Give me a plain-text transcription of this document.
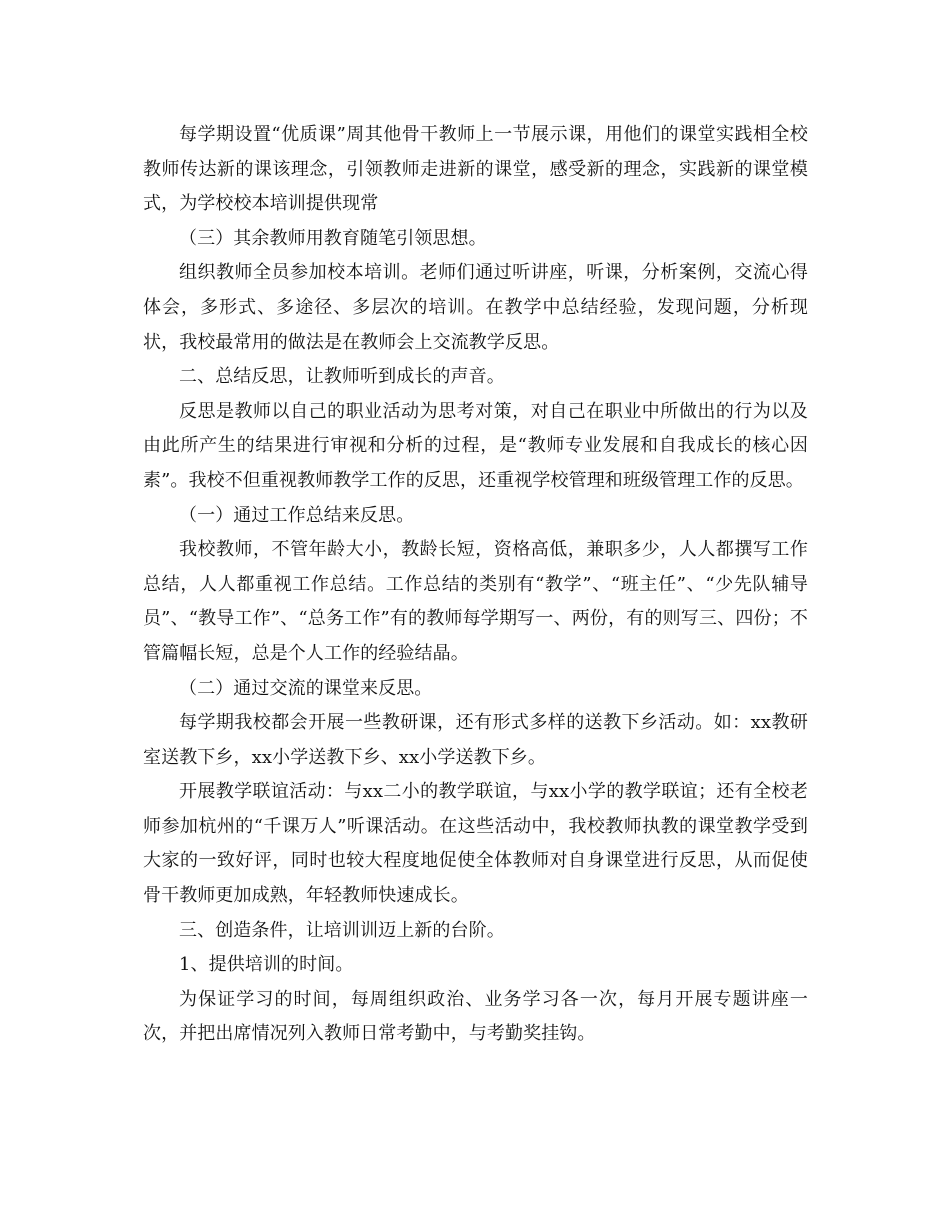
每学期设置“优质课”周其他骨干教师上一节展示课，用他们的课堂实践相全校教师传达新的课该理念，引领教师走进新的课堂，感受新的理念，实践新的课堂模式，为学校校本培训提供现常

（三）其余教师用教育随笔引领思想。

组织教师全员参加校本培训。老师们通过听讲座，听课，分析案例，交流心得体会，多形式、多途径、多层次的培训。在教学中总结经验，发现问题，分析现状，我校最常用的做法是在教师会上交流教学反思。

二、总结反思，让教师听到成长的声音。

反思是教师以自己的职业活动为思考对策，对自己在职业中所做出的行为以及由此所产生的结果进行审视和分析的过程，是“教师专业发展和自我成长的核心因素”。我校不但重视教师教学工作的反思，还重视学校管理和班级管理工作的反思。

（一）通过工作总结来反思。

我校教师，不管年龄大小，教龄长短，资格高低，兼职多少，人人都撰写工作总结，人人都重视工作总结。工作总结的类别有“教学”、“班主任”、“少先队辅导员”、“教导工作”、“总务工作”有的教师每学期写一、两份，有的则写三、四份；不管篇幅长短，总是个人工作的经验结晶。

（二）通过交流的课堂来反思。

每学期我校都会开展一些教研课，还有形式多样的送教下乡活动。如：xx教研室送教下乡，xx小学送教下乡、xx小学送教下乡。

开展教学联谊活动：与xx二小的教学联谊，与xx小学的教学联谊；还有全校老师参加杭州的“千课万人”听课活动。在这些活动中，我校教师执教的课堂教学受到大家的一致好评，同时也较大程度地促使全体教师对自身课堂进行反思，从而促使骨干教师更加成熟，年轻教师快速成长。

三、创造条件，让培训训迈上新的台阶。

1、提供培训的时间。

为保证学习的时间，每周组织政治、业务学习各一次，每月开展专题讲座一次，并把出席情况列入教师日常考勤中，与考勤奖挂钩。
